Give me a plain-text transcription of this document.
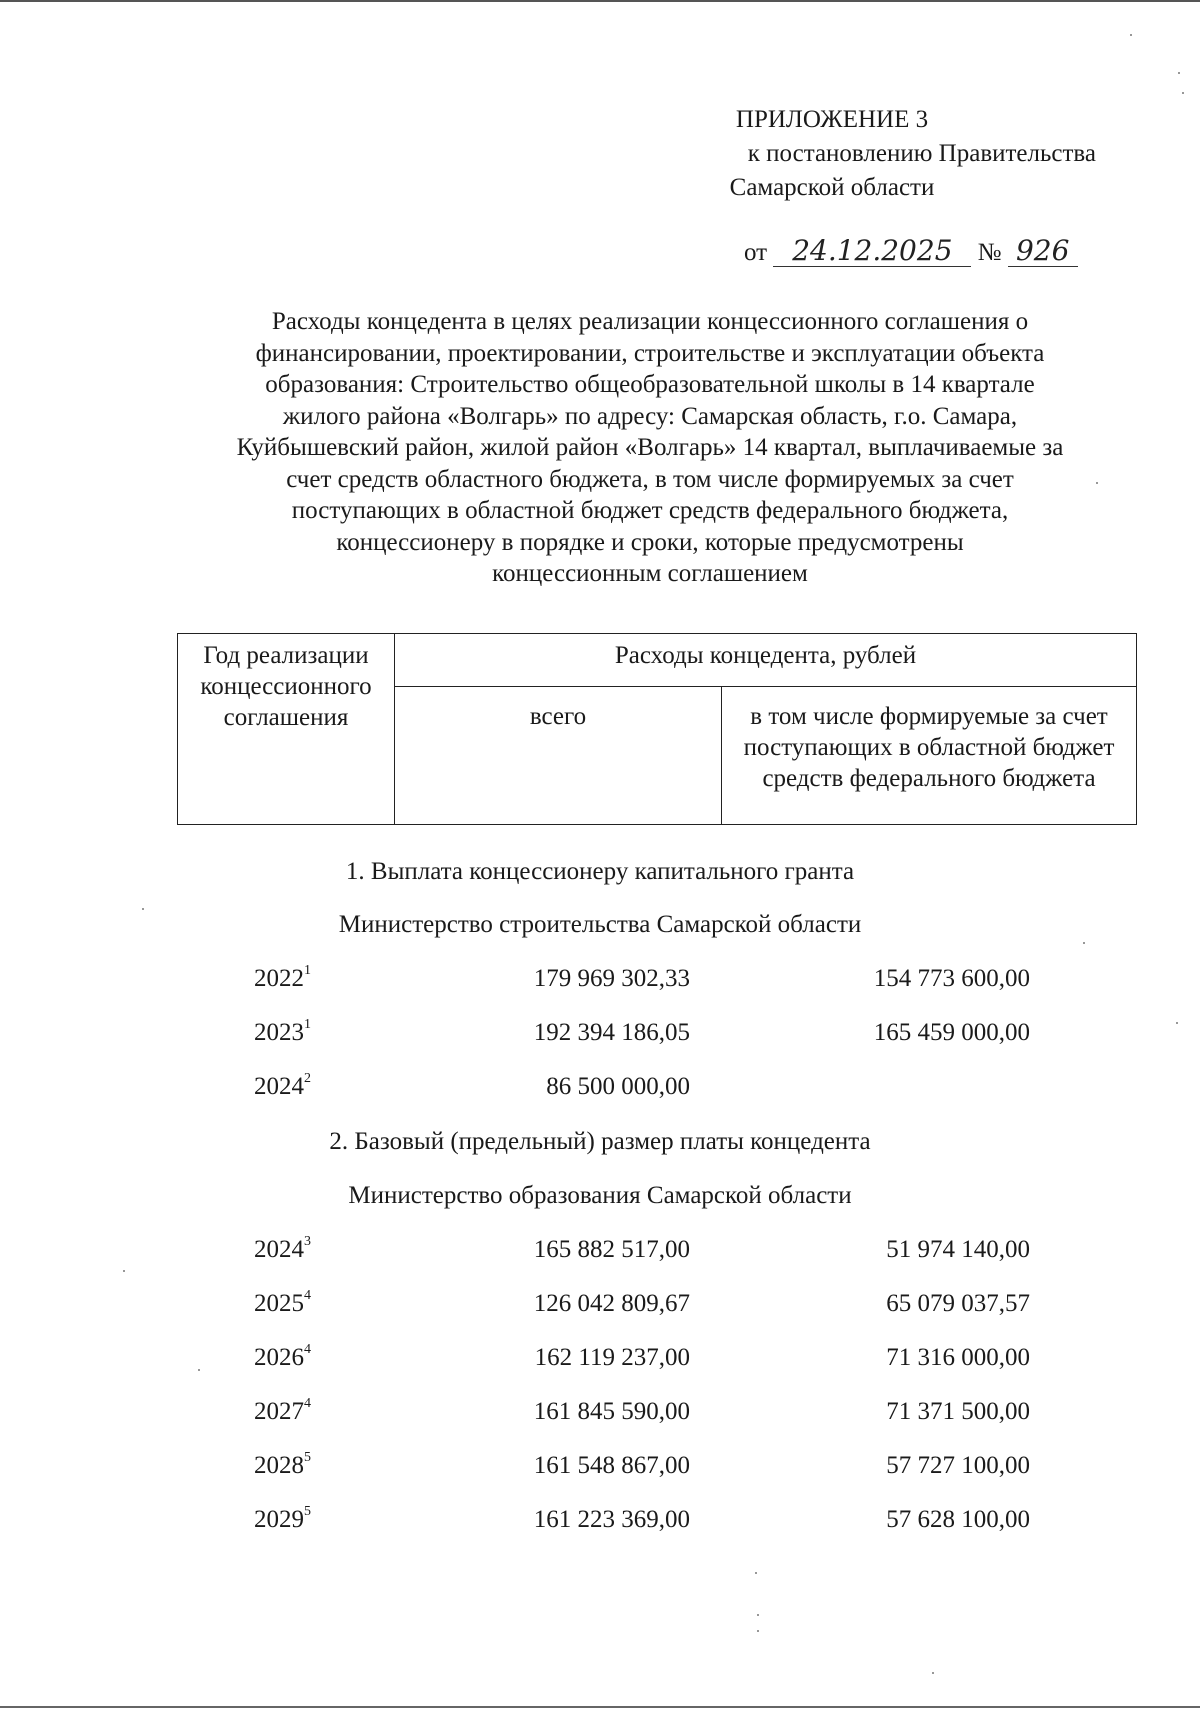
ПРИЛОЖЕНИЕ 3
к постановлению Правительства
Самарской области
от 24.12.2025 № 926
Расходы концедента в целях реализации концессионного соглашения о
финансировании, проектировании, строительстве и эксплуатации объекта
образования: Строительство общеобразовательной школы в 14 квартале
жилого района «Волгарь» по адресу: Самарская область, г.о. Самара,
Куйбышевский район, жилой район «Волгарь» 14 квартал, выплачиваемые за
счет средств областного бюджета, в том числе формируемых за счет
поступающих в областной бюджет средств федерального бюджета,
концессионеру в порядке и сроки, которые предусмотрены
концессионным соглашением
Год реализации концессионного соглашения	Расходы концедента, рублей	
	всего	в том числе формируемые за счет поступающих в областной бюджет средств федерального бюджета
1. Выплата концессионеру капитального гранта
Министерство строительства Самарской области
2022$^1$	179 969 302,33	154 773 600,00
2023$^1$	192 394 186,05	165 459 000,00
2024$^2$	86 500 000,00
2. Базовый (предельный) размер платы концедента
Министерство образования Самарской области
2024$^3$	165 882 517,00	51 974 140,00
2025$^4$	126 042 809,67	65 079 037,57
2026$^4$	162 119 237,00	71 316 000,00
2027$^4$	161 845 590,00	71 371 500,00
2028$^5$	161 548 867,00	57 727 100,00
2029$^5$	161 223 369,00	57 628 100,00
